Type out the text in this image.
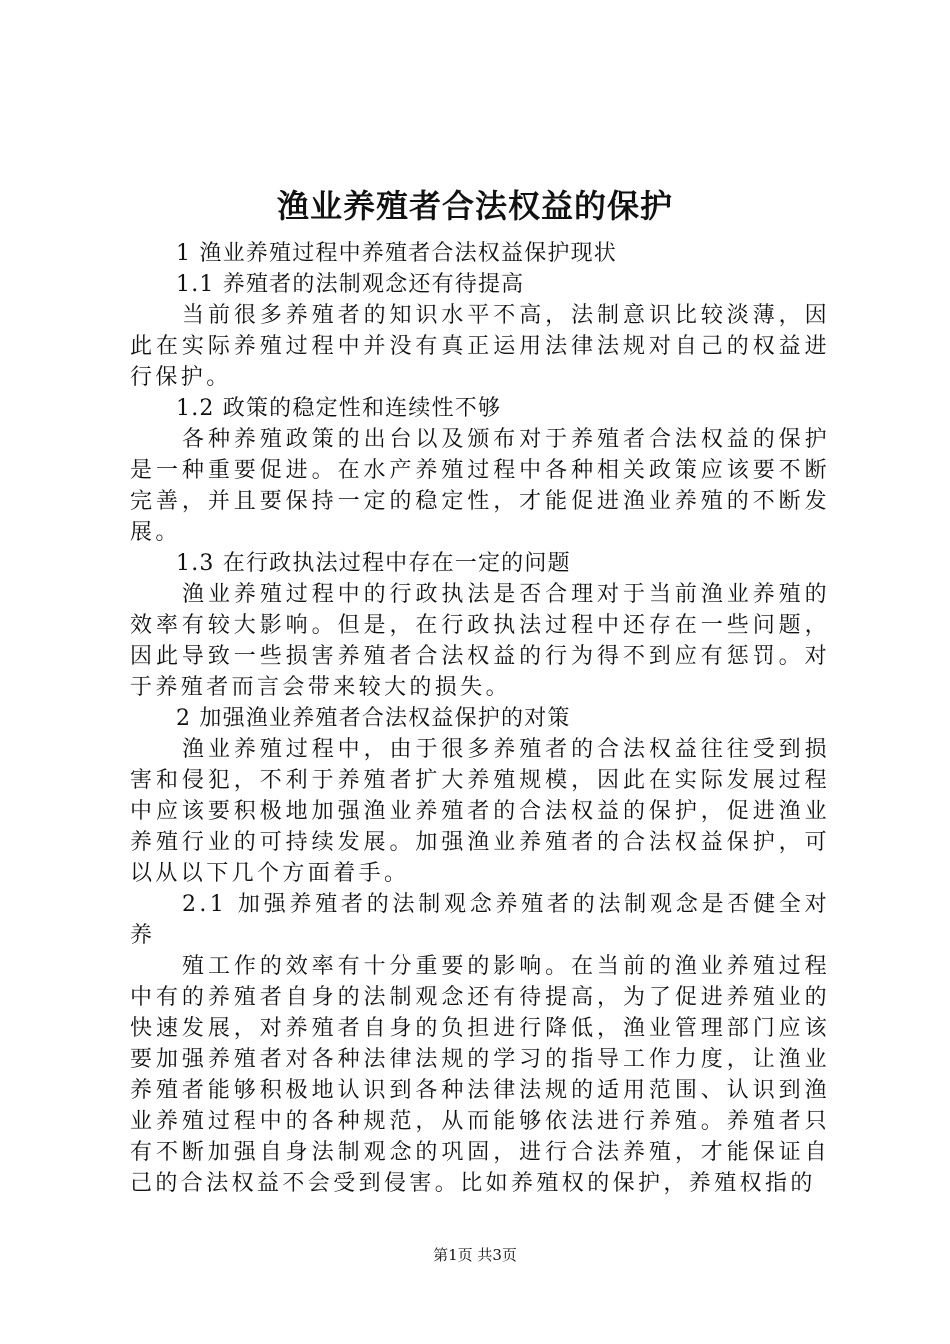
渔业养殖者合法权益的保护

1 渔业养殖过程中养殖者合法权益保护现状

1.1 养殖者的法制观念还有待提高

当前很多养殖者的知识水平不高，法制意识比较淡薄，因此在实际养殖过程中并没有真正运用法律法规对自己的权益进行保护。

1.2 政策的稳定性和连续性不够

各种养殖政策的出台以及颁布对于养殖者合法权益的保护是一种重要促进。在水产养殖过程中各种相关政策应该要不断完善，并且要保持一定的稳定性，才能促进渔业养殖的不断发展。

1.3 在行政执法过程中存在一定的问题

渔业养殖过程中的行政执法是否合理对于当前渔业养殖的效率有较大影响。但是，在行政执法过程中还存在一些问题，因此导致一些损害养殖者合法权益的行为得不到应有惩罚。对于养殖者而言会带来较大的损失。

2 加强渔业养殖者合法权益保护的对策

渔业养殖过程中，由于很多养殖者的合法权益往往受到损害和侵犯，不利于养殖者扩大养殖规模，因此在实际发展过程中应该要积极地加强渔业养殖者的合法权益的保护，促进渔业养殖行业的可持续发展。加强渔业养殖者的合法权益保护，可以从以下几个方面着手。

2.1 加强养殖者的法制观念养殖者的法制观念是否健全对养

殖工作的效率有十分重要的影响。在当前的渔业养殖过程中有的养殖者自身的法制观念还有待提高，为了促进养殖业的快速发展，对养殖者自身的负担进行降低，渔业管理部门应该要加强养殖者对各种法律法规的学习的指导工作力度，让渔业养殖者能够积极地认识到各种法律法规的适用范围、认识到渔业养殖过程中的各种规范，从而能够依法进行养殖。养殖者只有不断加强自身法制观念的巩固，进行合法养殖，才能保证自己的合法权益不会受到侵害。比如养殖权的保护，养殖权指的

第1页 共3页
